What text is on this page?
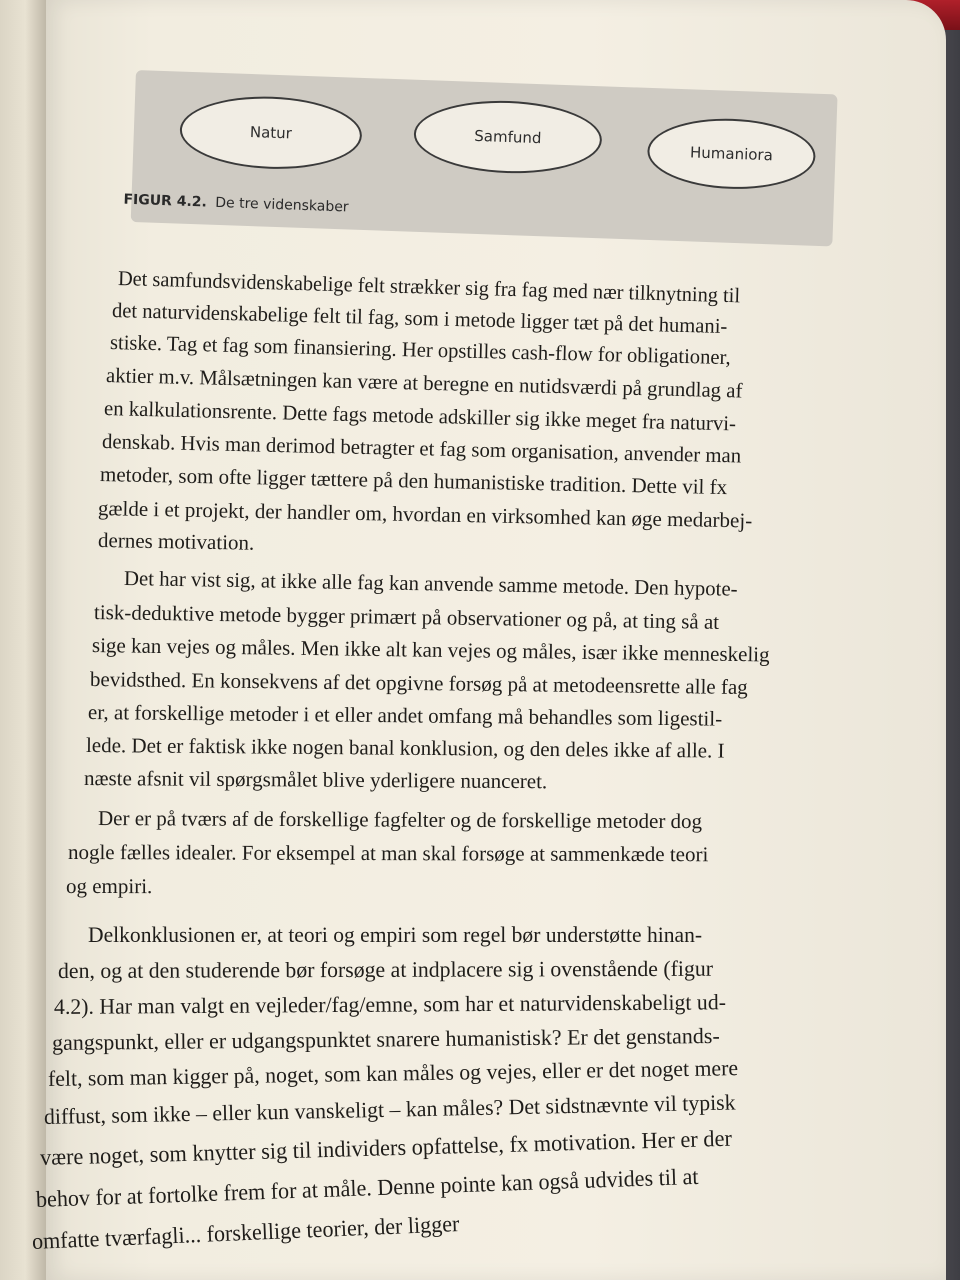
Natur	Samfund
Humaniora
FIGUR 4.2. De tre videnskaber
Det samfundsvidenskabelige felt strækker sig fra fag med nær tilknytning til
det naturvidenskabelige felt til fag, som i metode ligger tæt på det humani-
stiske. Tag et fag som finansiering. Her opstilles cash-flow for obligationer,
aktier m.v. Målsætningen kan være at beregne en nutidsværdi på grundlag af
en kalkulationsrente. Dette fags metode adskiller sig ikke meget fra naturvi-
denskab. Hvis man derimod betragter et fag som organisation, anvender man
metoder, som ofte ligger tættere på den humanistiske tradition. Dette vil fx
gælde i et projekt, der handler om, hvordan en virksomhed kan øge medarbej-
dernes motivation.
Det har vist sig, at ikke alle fag kan anvende samme metode. Den hypote-
tisk-deduktive metode bygger primært på observationer og på, at ting så at
sige kan vejes og måles. Men ikke alt kan vejes og måles, især ikke menneskelig
bevidsthed. En konsekvens af det opgivne forsøg på at metodeensrette alle fag
er, at forskellige metoder i et eller andet omfang må behandles som ligestil-
lede. Det er faktisk ikke nogen banal konklusion, og den deles ikke af alle. I
næste afsnit vil spørgsmålet blive yderligere nuanceret.
Der er på tværs af de forskellige fagfelter og de forskellige metoder dog
nogle fælles idealer. For eksempel at man skal forsøge at sammenkæde teori
og empiri.
Delkonklusionen er, at teori og empiri som regel bør understøtte hinan-
den, og at den studerende bør forsøge at indplacere sig i ovenstående (figur
4.2). Har man valgt en vejleder/fag/emne, som har et naturvidenskabeligt ud-
gangspunkt, eller er udgangspunktet snarere humanistisk? Er det genstands-
felt, som man kigger på, noget, som kan måles og vejes, eller er det noget mere
diffust, som ikke – eller kun vanskeligt – kan måles? Det sidstnævnte vil typisk
være noget, som knytter sig til individers opfattelse, fx motivation. Her er der
behov for at fortolke frem for at måle. Denne pointe kan også udvides til at
omfatte tværfagli... forskellige teorier, der ligger
